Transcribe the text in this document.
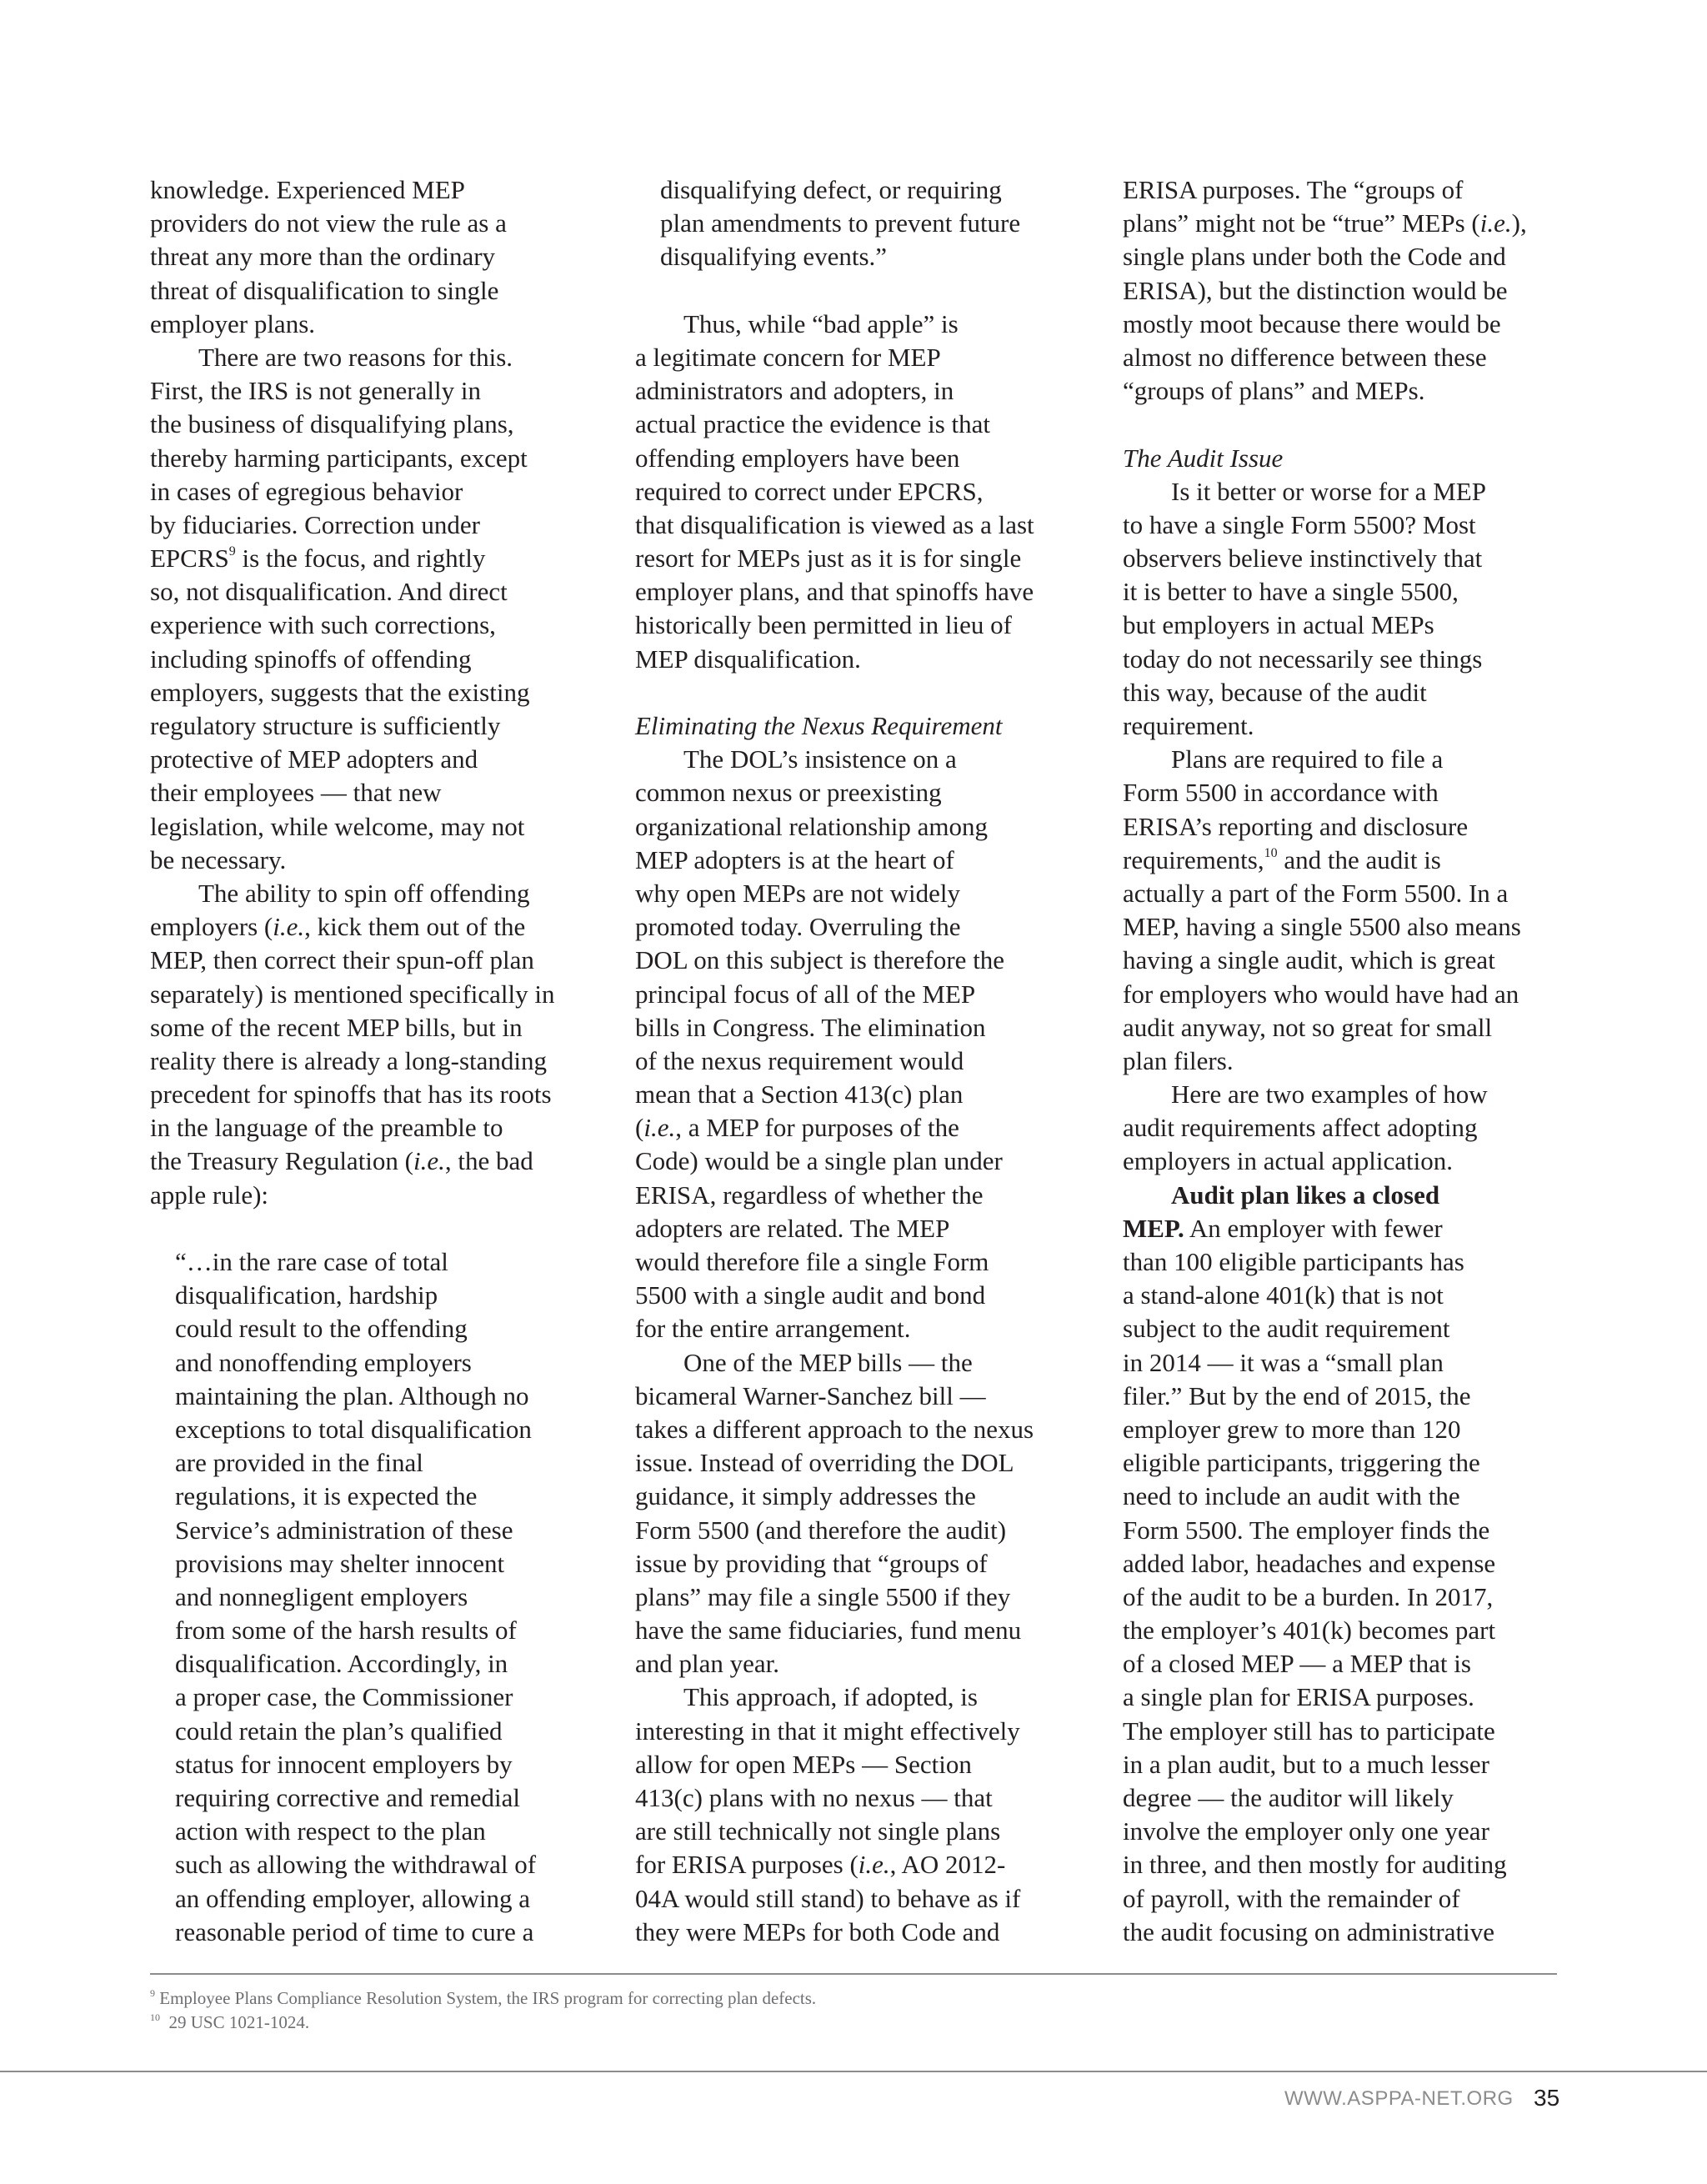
knowledge. Experienced MEP
providers do not view the rule as a
threat any more than the ordinary
threat of disqualification to single
employer plans.
There are two reasons for this.
First, the IRS is not generally in
the business of disqualifying plans,
thereby harming participants, except
in cases of egregious behavior
by fiduciaries. Correction under
EPCRS$^9$ is the focus, and rightly
so, not disqualification. And direct
experience with such corrections,
including spinoffs of offending
employers, suggests that the existing
regulatory structure is sufficiently
protective of MEP adopters and
their employees — that new
legislation, while welcome, may not
be necessary.
The ability to spin off offending
employers (i.e., kick them out of the
MEP, then correct their spun-off plan
separately) is mentioned specifically in
some of the recent MEP bills, but in
reality there is already a long-standing
precedent for spinoffs that has its roots
in the language of the preamble to
the Treasury Regulation (i.e., the bad
apple rule):
“…in the rare case of total
disqualification, hardship
could result to the offending
and nonoffending employers
maintaining the plan. Although no
exceptions to total disqualification
are provided in the final
regulations, it is expected the
Service’s administration of these
provisions may shelter innocent
and nonnegligent employers
from some of the harsh results of
disqualification. Accordingly, in
a proper case, the Commissioner
could retain the plan’s qualified
status for innocent employers by
requiring corrective and remedial
action with respect to the plan
such as allowing the withdrawal of
an offending employer, allowing a
reasonable period of time to cure a
disqualifying defect, or requiring
plan amendments to prevent future
disqualifying events.”
Thus, while “bad apple” is
a legitimate concern for MEP
administrators and adopters, in
actual practice the evidence is that
offending employers have been
required to correct under EPCRS,
that disqualification is viewed as a last
resort for MEPs just as it is for single
employer plans, and that spinoffs have
historically been permitted in lieu of
MEP disqualification.
Eliminating the Nexus Requirement
The DOL’s insistence on a
common nexus or preexisting
organizational relationship among
MEP adopters is at the heart of
why open MEPs are not widely
promoted today. Overruling the
DOL on this subject is therefore the
principal focus of all of the MEP
bills in Congress. The elimination
of the nexus requirement would
mean that a Section 413(c) plan
(i.e., a MEP for purposes of the
Code) would be a single plan under
ERISA, regardless of whether the
adopters are related. The MEP
would therefore file a single Form
5500 with a single audit and bond
for the entire arrangement.
One of the MEP bills — the
bicameral Warner-Sanchez bill —
takes a different approach to the nexus
issue. Instead of overriding the DOL
guidance, it simply addresses the
Form 5500 (and therefore the audit)
issue by providing that “groups of
plans” may file a single 5500 if they
have the same fiduciaries, fund menu
and plan year.
This approach, if adopted, is
interesting in that it might effectively
allow for open MEPs — Section
413(c) plans with no nexus — that
are still technically not single plans
for ERISA purposes (i.e., AO 2012-
04A would still stand) to behave as if
they were MEPs for both Code and
ERISA purposes. The “groups of
plans” might not be “true” MEPs (i.e.),
single plans under both the Code and
ERISA), but the distinction would be
mostly moot because there would be
almost no difference between these
“groups of plans” and MEPs.
The Audit Issue
Is it better or worse for a MEP
to have a single Form 5500? Most
observers believe instinctively that
it is better to have a single 5500,
but employers in actual MEPs
today do not necessarily see things
this way, because of the audit
requirement.
Plans are required to file a
Form 5500 in accordance with
ERISA’s reporting and disclosure
requirements,$^{10}$ and the audit is
actually a part of the Form 5500. In a
MEP, having a single 5500 also means
having a single audit, which is great
for employers who would have had an
audit anyway, not so great for small
plan filers.
Here are two examples of how
audit requirements affect adopting
employers in actual application.
Audit plan likes a closed
MEP. An employer with fewer
than 100 eligible participants has
a stand-alone 401(k) that is not
subject to the audit requirement
in 2014 — it was a “small plan
filer.” But by the end of 2015, the
employer grew to more than 120
eligible participants, triggering the
need to include an audit with the
Form 5500. The employer finds the
added labor, headaches and expense
of the audit to be a burden. In 2017,
the employer’s 401(k) becomes part
of a closed MEP — a MEP that is
a single plan for ERISA purposes.
The employer still has to participate
in a plan audit, but to a much lesser
degree — the auditor will likely
involve the employer only one year
in three, and then mostly for auditing
of payroll, with the remainder of
the audit focusing on administrative
$^9$ Employee Plans Compliance Resolution System, the IRS program for correcting plan defects.
$^{10}$ 29 USC 1021-1024.
WWW.ASPPA-NET.ORG 35
